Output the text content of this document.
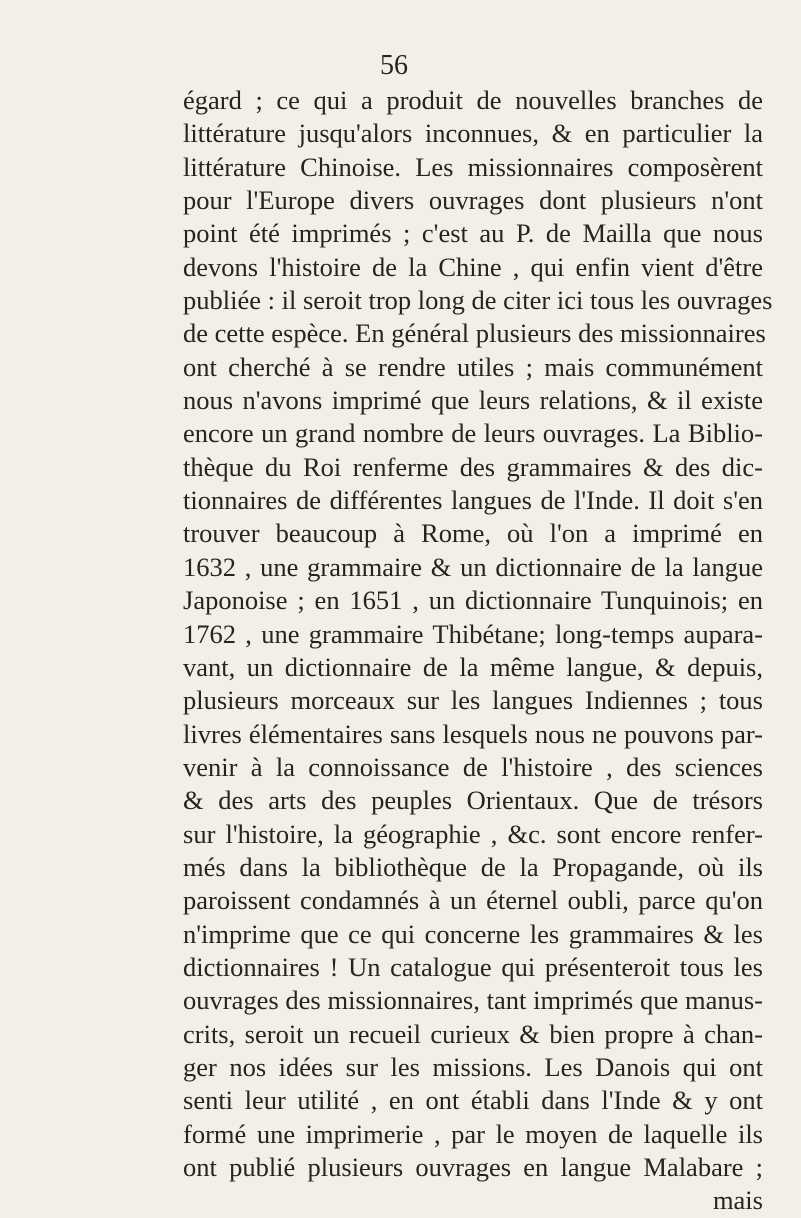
56
égard ; ce qui a produit de nouvelles branches de
littérature jusqu'alors inconnues, & en particulier la
littérature Chinoise. Les missionnaires composèrent
pour l'Europe divers ouvrages dont plusieurs n'ont
point été imprimés ; c'est au P. de Mailla que nous
devons l'histoire de la Chine , qui enfin vient d'être
publiée : il seroit trop long de citer ici tous les ouvrages
de cette espèce. En général plusieurs des missionnaires
ont cherché à se rendre utiles ; mais communément
nous n'avons imprimé que leurs relations, & il existe
encore un grand nombre de leurs ouvrages. La Biblio-
thèque du Roi renferme des grammaires & des dic-
tionnaires de différentes langues de l'Inde. Il doit s'en
trouver beaucoup à Rome, où l'on a imprimé en
1632 , une grammaire & un dictionnaire de la langue
Japonoise ; en 1651 , un dictionnaire Tunquinois; en
1762 , une grammaire Thibétane; long-temps aupara-
vant, un dictionnaire de la même langue, & depuis,
plusieurs morceaux sur les langues Indiennes ; tous
livres élémentaires sans lesquels nous ne pouvons par-
venir à la connoissance de l'histoire , des sciences
& des arts des peuples Orientaux. Que de trésors
sur l'histoire, la géographie , &c. sont encore renfer-
més dans la bibliothèque de la Propagande, où ils
paroissent condamnés à un éternel oubli, parce qu'on
n'imprime que ce qui concerne les grammaires & les
dictionnaires ! Un catalogue qui présenteroit tous les
ouvrages des missionnaires, tant imprimés que manus-
crits, seroit un recueil curieux & bien propre à chan-
ger nos idées sur les missions. Les Danois qui ont
senti leur utilité , en ont établi dans l'Inde & y ont
formé une imprimerie , par le moyen de laquelle ils
ont publié plusieurs ouvrages en langue Malabare ;
mais
